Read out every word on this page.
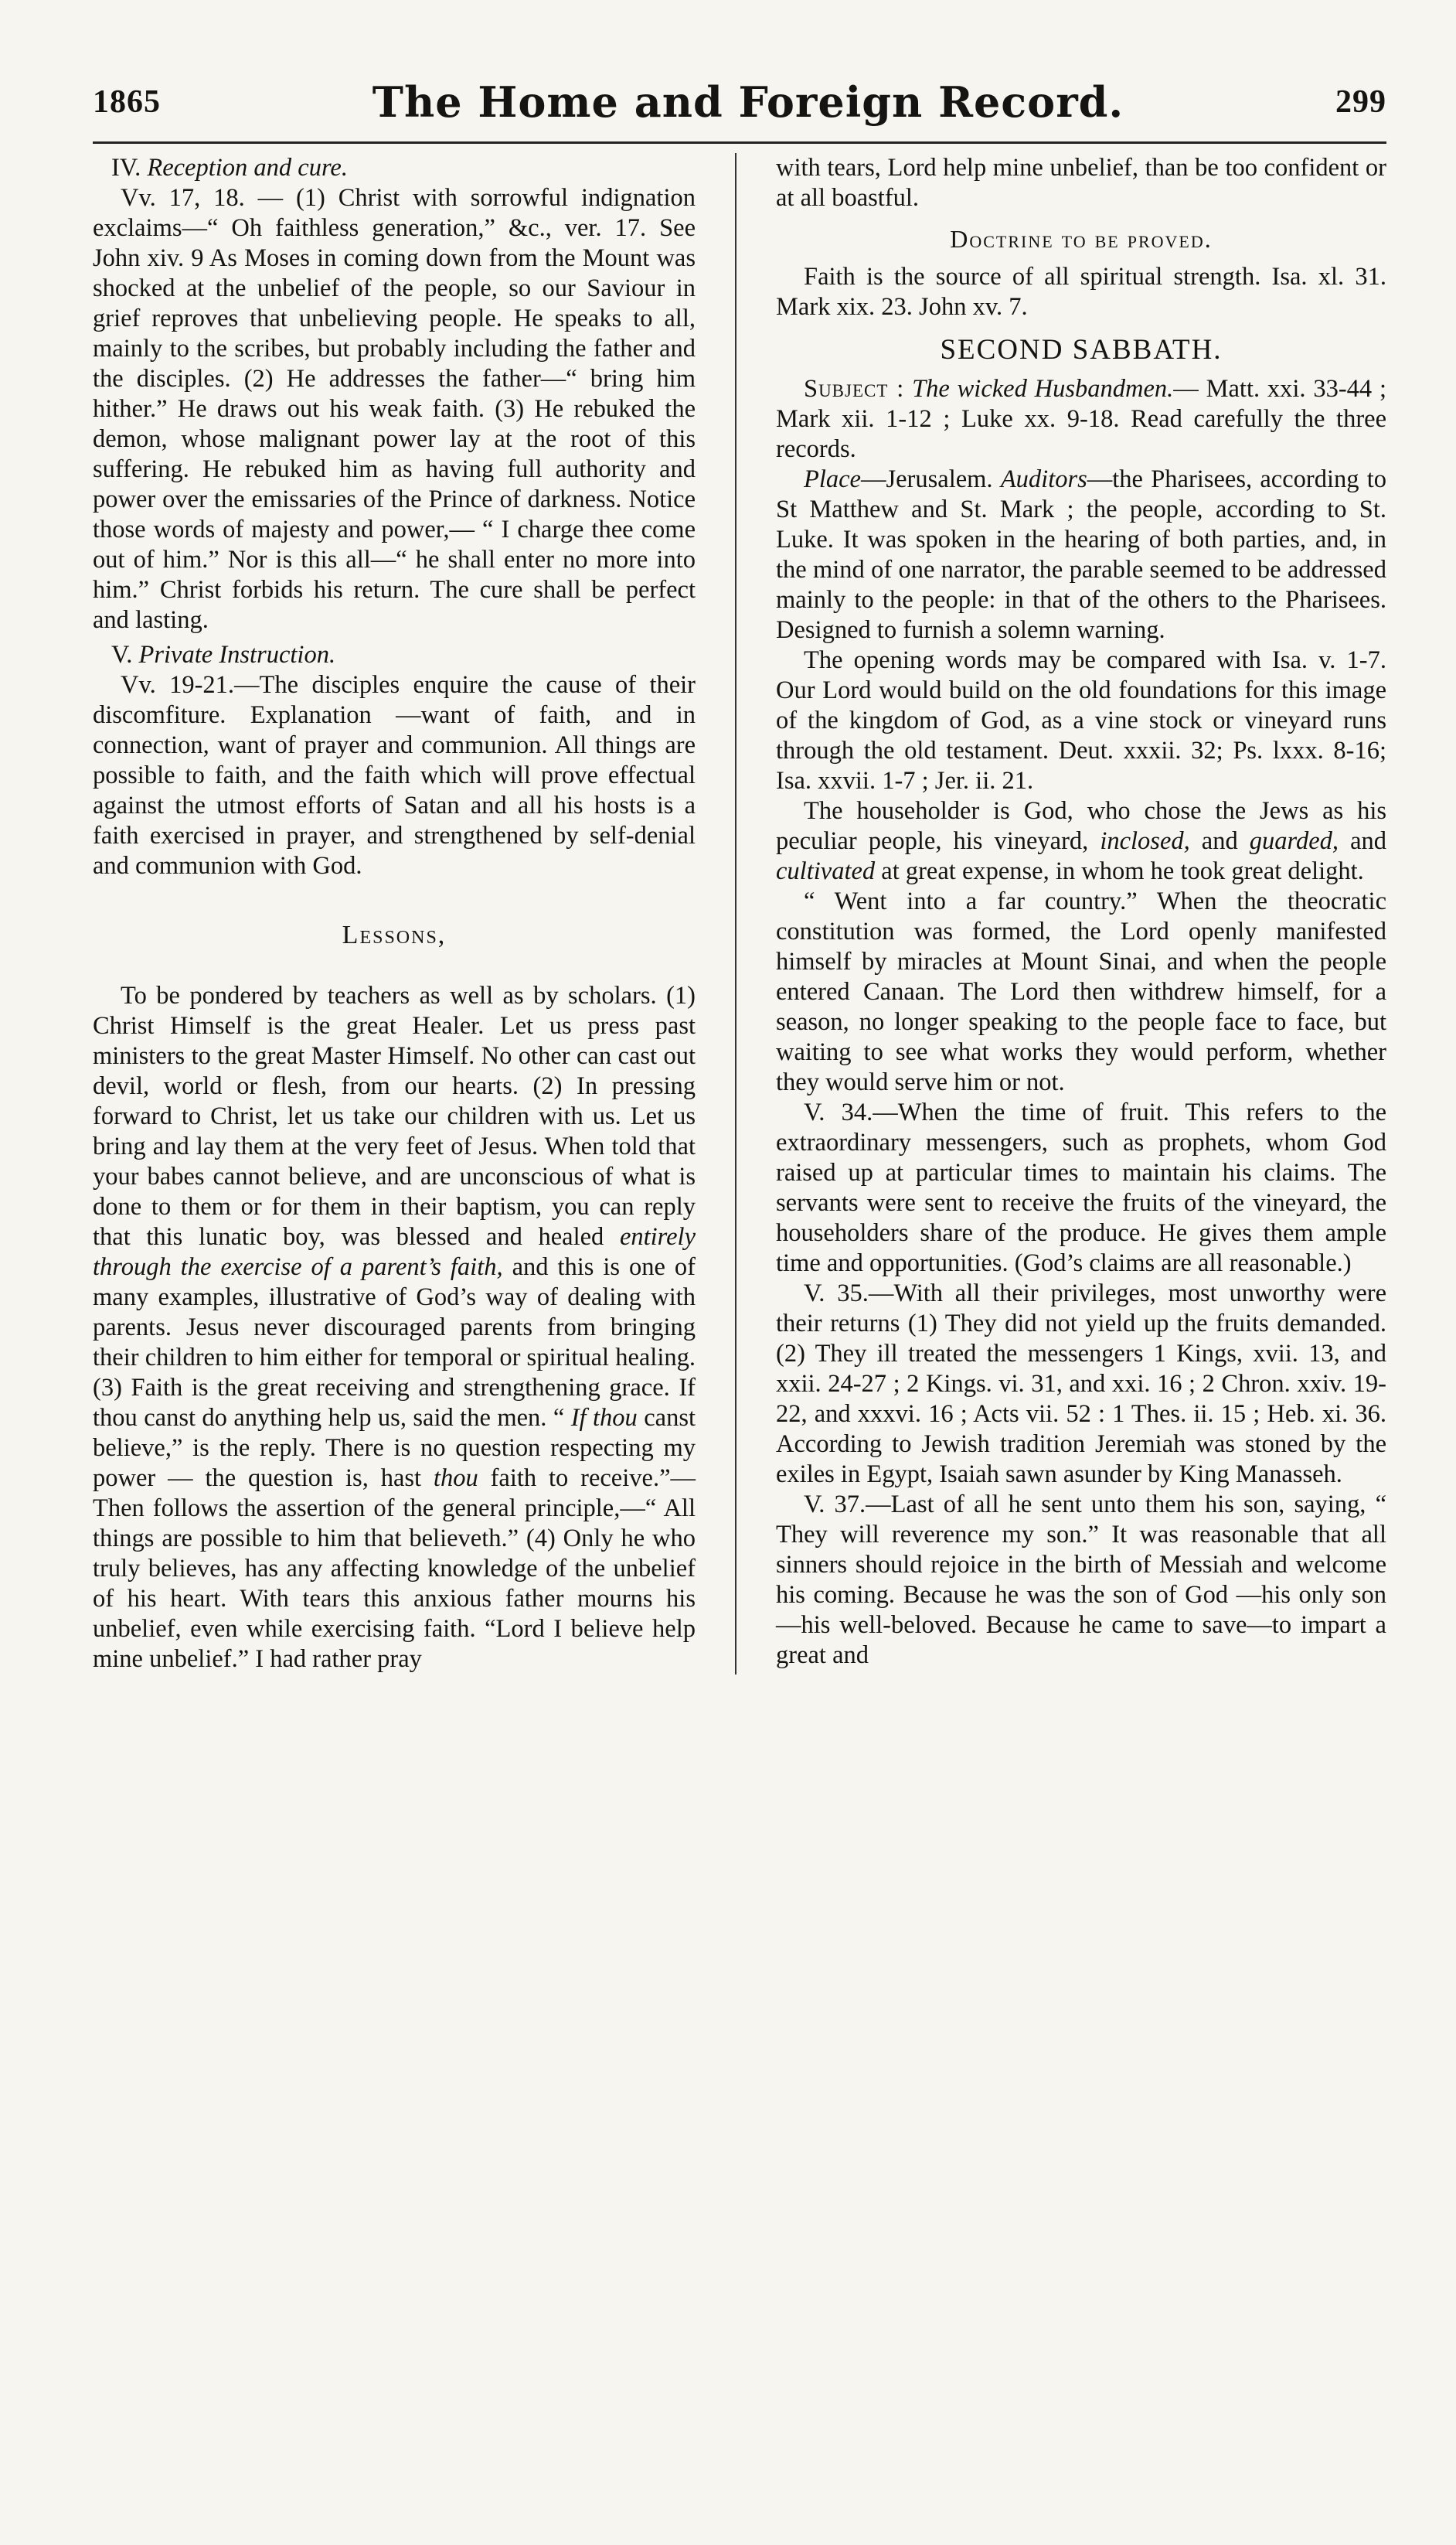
1865	The Home and Foreign Record.	299

IV. Reception and cure.

Vv. 17, 18. — (1) Christ with sorrowful indignation exclaims—“ Oh faithless generation,” &c., ver. 17. See John xiv. 9 As Moses in coming down from the Mount was shocked at the unbelief of the people, so our Saviour in grief reproves that unbelieving people. He speaks to all, mainly to the scribes, but probably including the father and the disciples. (2) He addresses the father—“ bring him hither.” He draws out his weak faith. (3) He rebuked the demon, whose malignant power lay at the root of this suffering. He rebuked him as having full authority and power over the emissaries of the Prince of darkness. Notice those words of majesty and power,— “ I charge thee come out of him.” Nor is this all—“ he shall enter no more into him.” Christ forbids his return. The cure shall be perfect and lasting.

V. Private Instruction.

Vv. 19-21.—The disciples enquire the cause of their discomfiture. Explanation —want of faith, and in connection, want of prayer and communion. All things are possible to faith, and the faith which will prove effectual against the utmost efforts of Satan and all his hosts is a faith exercised in prayer, and strengthened by self-denial and communion with God.

Lessons,

To be pondered by teachers as well as by scholars. (1) Christ Himself is the great Healer. Let us press past ministers to the great Master Himself. No other can cast out devil, world or flesh, from our hearts. (2) In pressing forward to Christ, let us take our children with us. Let us bring and lay them at the very feet of Jesus. When told that your babes cannot believe, and are unconscious of what is done to them or for them in their baptism, you can reply that this lunatic boy, was blessed and healed entirely through the exercise of a parent’s faith, and this is one of many examples, illustrative of God’s way of dealing with parents. Jesus never discouraged parents from bringing their children to him either for temporal or spiritual healing. (3) Faith is the great receiving and strengthening grace. If thou canst do anything help us, said the men. “ If thou canst believe,” is the reply. There is no question respecting my power — the question is, hast thou faith to receive.”— Then follows the assertion of the general principle,—“ All things are possible to him that believeth.” (4) Only he who truly believes, has any affecting knowledge of the unbelief of his heart. With tears this anxious father mourns his unbelief, even while exercising faith. “Lord I believe help mine unbelief.” I had rather pray

with tears, Lord help mine unbelief, than be too confident or at all boastful.

Doctrine to be proved.

Faith is the source of all spiritual strength. Isa. xl. 31. Mark xix. 23. John xv. 7.

SECOND SABBATH.

Subject : The wicked Husbandmen.— Matt. xxi. 33-44 ; Mark xii. 1-12 ; Luke xx. 9-18. Read carefully the three records.

Place—Jerusalem. Auditors—the Pharisees, according to St Matthew and St. Mark ; the people, according to St. Luke. It was spoken in the hearing of both parties, and, in the mind of one narrator, the parable seemed to be addressed mainly to the people: in that of the others to the Pharisees. Designed to furnish a solemn warning.

The opening words may be compared with Isa. v. 1-7. Our Lord would build on the old foundations for this image of the kingdom of God, as a vine stock or vineyard runs through the old testament. Deut. xxxii. 32; Ps. lxxx. 8-16; Isa. xxvii. 1-7 ; Jer. ii. 21.

The householder is God, who chose the Jews as his peculiar people, his vineyard, inclosed, and guarded, and cultivated at great expense, in whom he took great delight.

“ Went into a far country.” When the theocratic constitution was formed, the Lord openly manifested himself by miracles at Mount Sinai, and when the people entered Canaan. The Lord then withdrew himself, for a season, no longer speaking to the people face to face, but waiting to see what works they would perform, whether they would serve him or not.

V. 34.—When the time of fruit. This refers to the extraordinary messengers, such as prophets, whom God raised up at particular times to maintain his claims. The servants were sent to receive the fruits of the vineyard, the householders share of the produce. He gives them ample time and opportunities. (God’s claims are all reasonable.)

V. 35.—With all their privileges, most unworthy were their returns (1) They did not yield up the fruits demanded. (2) They ill treated the messengers 1 Kings, xvii. 13, and xxii. 24-27 ; 2 Kings. vi. 31, and xxi. 16 ; 2 Chron. xxiv. 19-22, and xxxvi. 16 ; Acts vii. 52 : 1 Thes. ii. 15 ; Heb. xi. 36. According to Jewish tradition Jeremiah was stoned by the exiles in Egypt, Isaiah sawn asunder by King Manasseh.

V. 37.—Last of all he sent unto them his son, saying, “ They will reverence my son.” It was reasonable that all sinners should rejoice in the birth of Messiah and welcome his coming. Because he was the son of God —his only son—his well-beloved. Because he came to save—to impart a great and
